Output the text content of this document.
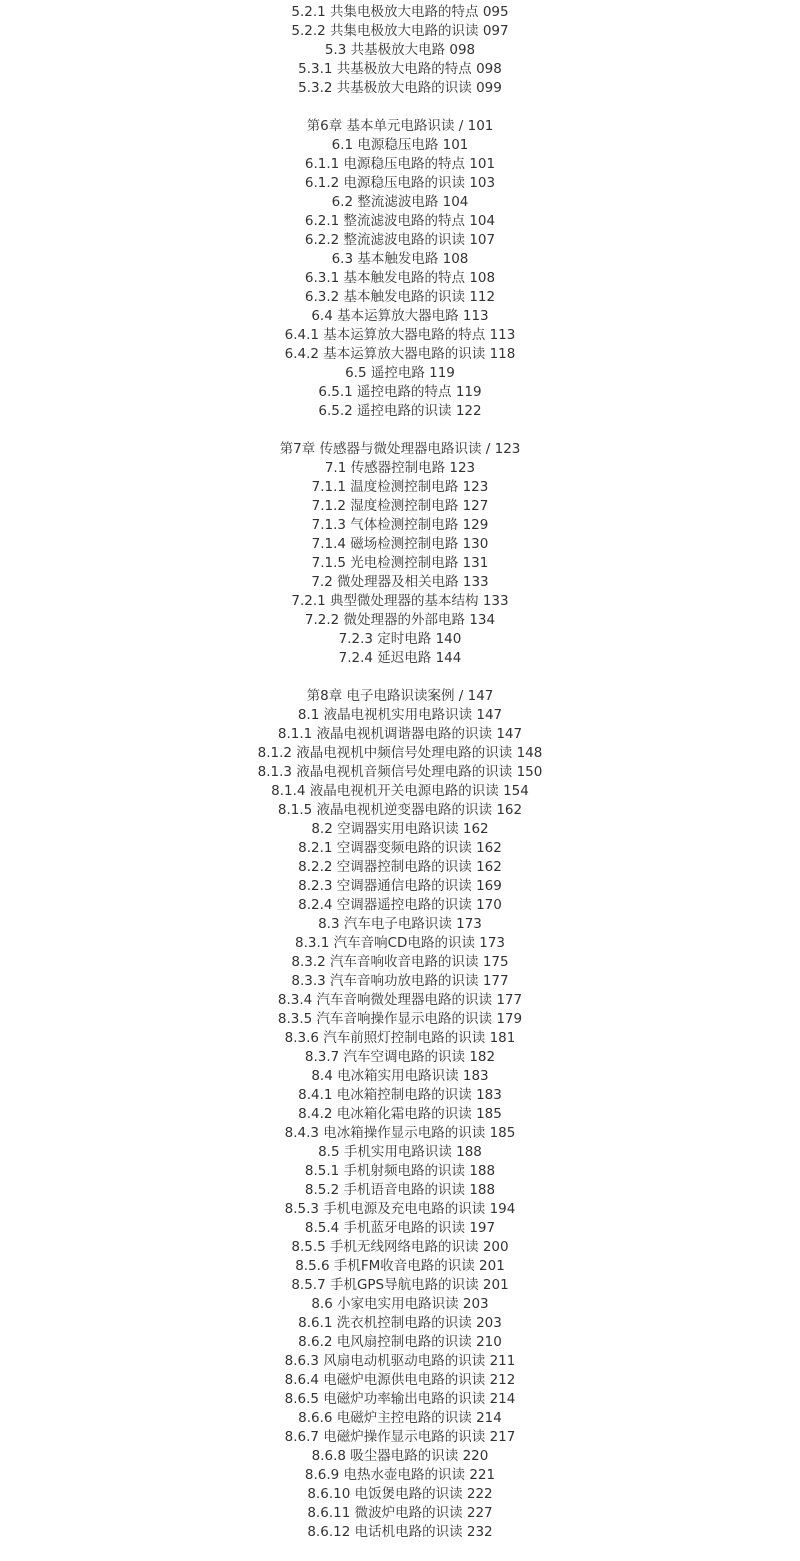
5.2.1 共集电极放大电路的特点 095
5.2.2 共集电极放大电路的识读 097
5.3 共基极放大电路 098
5.3.1 共基极放大电路的特点 098
5.3.2 共基极放大电路的识读 099
第6章 基本单元电路识读 / 101
6.1 电源稳压电路 101
6.1.1 电源稳压电路的特点 101
6.1.2 电源稳压电路的识读 103
6.2 整流滤波电路 104
6.2.1 整流滤波电路的特点 104
6.2.2 整流滤波电路的识读 107
6.3 基本触发电路 108
6.3.1 基本触发电路的特点 108
6.3.2 基本触发电路的识读 112
6.4 基本运算放大器电路 113
6.4.1 基本运算放大器电路的特点 113
6.4.2 基本运算放大器电路的识读 118
6.5 遥控电路 119
6.5.1 遥控电路的特点 119
6.5.2 遥控电路的识读 122
第7章 传感器与微处理器电路识读 / 123
7.1 传感器控制电路 123
7.1.1 温度检测控制电路 123
7.1.2 湿度检测控制电路 127
7.1.3 气体检测控制电路 129
7.1.4 磁场检测控制电路 130
7.1.5 光电检测控制电路 131
7.2 微处理器及相关电路 133
7.2.1 典型微处理器的基本结构 133
7.2.2 微处理器的外部电路 134
7.2.3 定时电路 140
7.2.4 延迟电路 144
第8章 电子电路识读案例 / 147
8.1 液晶电视机实用电路识读 147
8.1.1 液晶电视机调谐器电路的识读 147
8.1.2 液晶电视机中频信号处理电路的识读 148
8.1.3 液晶电视机音频信号处理电路的识读 150
8.1.4 液晶电视机开关电源电路的识读 154
8.1.5 液晶电视机逆变器电路的识读 162
8.2 空调器实用电路识读 162
8.2.1 空调器变频电路的识读 162
8.2.2 空调器控制电路的识读 162
8.2.3 空调器通信电路的识读 169
8.2.4 空调器遥控电路的识读 170
8.3 汽车电子电路识读 173
8.3.1 汽车音响CD电路的识读 173
8.3.2 汽车音响收音电路的识读 175
8.3.3 汽车音响功放电路的识读 177
8.3.4 汽车音响微处理器电路的识读 177
8.3.5 汽车音响操作显示电路的识读 179
8.3.6 汽车前照灯控制电路的识读 181
8.3.7 汽车空调电路的识读 182
8.4 电冰箱实用电路识读 183
8.4.1 电冰箱控制电路的识读 183
8.4.2 电冰箱化霜电路的识读 185
8.4.3 电冰箱操作显示电路的识读 185
8.5 手机实用电路识读 188
8.5.1 手机射频电路的识读 188
8.5.2 手机语音电路的识读 188
8.5.3 手机电源及充电电路的识读 194
8.5.4 手机蓝牙电路的识读 197
8.5.5 手机无线网络电路的识读 200
8.5.6 手机FM收音电路的识读 201
8.5.7 手机GPS导航电路的识读 201
8.6 小家电实用电路识读 203
8.6.1 洗衣机控制电路的识读 203
8.6.2 电风扇控制电路的识读 210
8.6.3 风扇电动机驱动电路的识读 211
8.6.4 电磁炉电源供电电路的识读 212
8.6.5 电磁炉功率输出电路的识读 214
8.6.6 电磁炉主控电路的识读 214
8.6.7 电磁炉操作显示电路的识读 217
8.6.8 吸尘器电路的识读 220
8.6.9 电热水壶电路的识读 221
8.6.10 电饭煲电路的识读 222
8.6.11 微波炉电路的识读 227
8.6.12 电话机电路的识读 232
